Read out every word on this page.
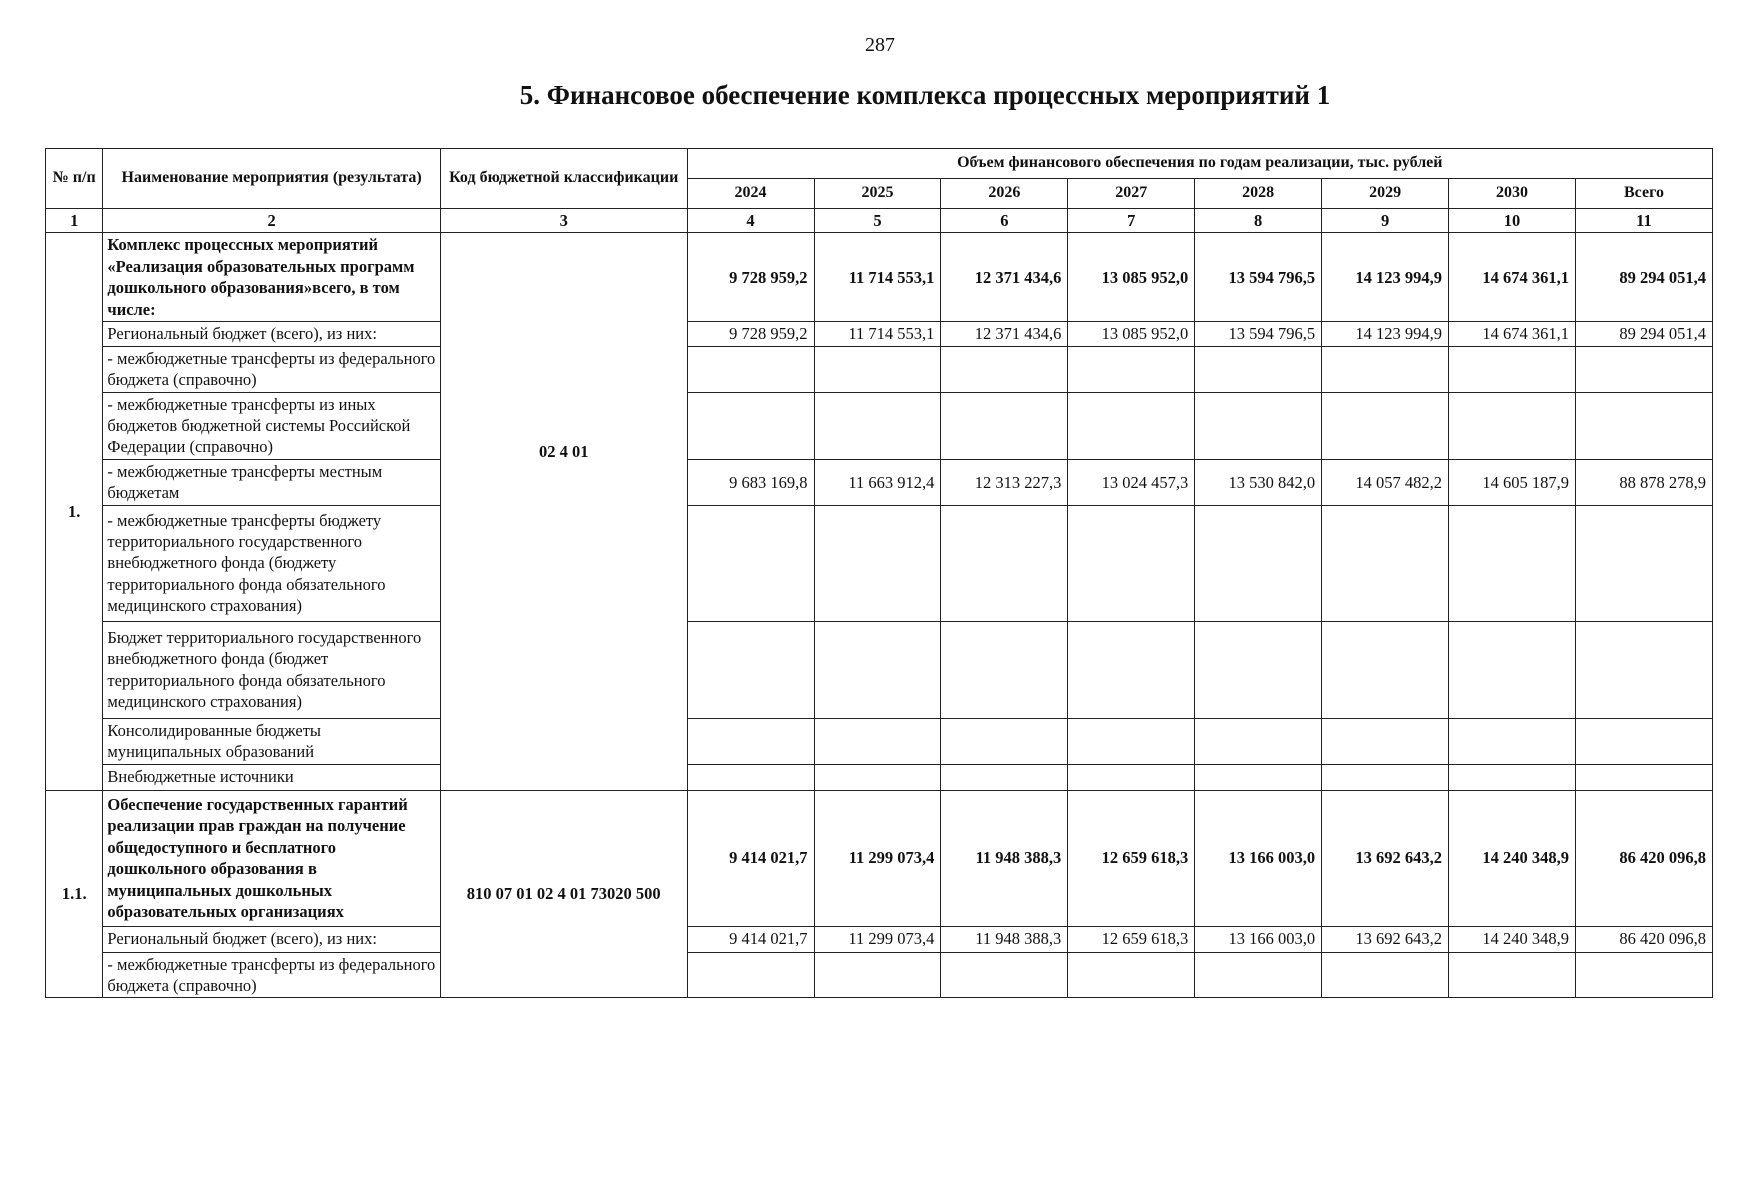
287
5. Финансовое обеспечение комплекса процессных мероприятий 1
№ п/п	Наименование мероприятия (результата)	Код бюджетной классификации	Объем финансового обеспечения по годам реализации, тыс. рублей							
			2024	2025	2026	2027	2028	2029	2030	Всего
1	2	3	4	5	6	7	8	9	10	11
1.	Комплекс процессных мероприятий «Реализация образовательных программ дошкольного образования»всего, в том числе:	02 4 01	9 728 959,2	11 714 553,1	12 371 434,6	13 085 952,0	13 594 796,5	14 123 994,9	14 674 361,1	89 294 051,4
	Региональный бюджет (всего), из них:		9 728 959,2	11 714 553,1	12 371 434,6	13 085 952,0	13 594 796,5	14 123 994,9	14 674 361,1	89 294 051,4
	- межбюджетные трансферты из федерального бюджета (справочно)									
	- межбюджетные трансферты из иных бюджетов бюджетной системы Российской Федерации (справочно)									
	- межбюджетные трансферты местным бюджетам		9 683 169,8	11 663 912,4	12 313 227,3	13 024 457,3	13 530 842,0	14 057 482,2	14 605 187,9	88 878 278,9
	- межбюджетные трансферты бюджету территориального государственного внебюджетного фонда (бюджету территориального фонда обязательного медицинского страхования)									
	Бюджет территориального государственного внебюджетного фонда (бюджет территориального фонда обязательного медицинского страхования)									
	Консолидированные бюджеты муниципальных образований									
	Внебюджетные источники									
1.1.	Обеспечение государственных гарантий реализации прав граждан на получение общедоступного и бесплатного дошкольного образования в муниципальных дошкольных образовательных организациях	810 07 01 02 4 01 73020 500	9 414 021,7	11 299 073,4	11 948 388,3	12 659 618,3	13 166 003,0	13 692 643,2	14 240 348,9	86 420 096,8
	Региональный бюджет (всего), из них:		9 414 021,7	11 299 073,4	11 948 388,3	12 659 618,3	13 166 003,0	13 692 643,2	14 240 348,9	86 420 096,8
	- межбюджетные трансферты из федерального бюджета (справочно)									
